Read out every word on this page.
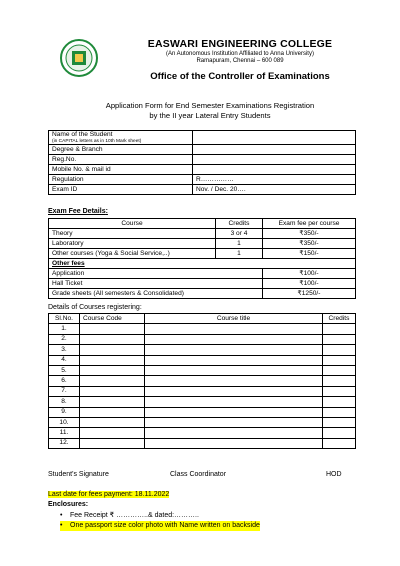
EASWARI ENGINEERING COLLEGE
(An Autonomous Institution Affiliated to Anna University)
Ramapuram, Chennai – 600 089
Office of the Controller of Examinations
Application Form for End Semester Examinations Registration
by the II year Lateral Entry Students
Name of the Student
(in CAPITAL letters as in 10th Mark sheet)	

Degree & Branch	
Reg.No.	
Mobile No. & mail id	
Regulation	R……………
Exam ID	Nov. / Dec. 20….
Exam Fee Details:
Course	Credits	Exam fee per course
Theory	3 or 4	₹350/-
Laboratory	1	₹350/-
Other courses (Yoga & Social Service,..)	1	₹150/-
Other fees		
Application		₹100/-
Hall Ticket		₹100/-
Grade sheets (All semesters & Consolidated)		₹1250/-
Details of Courses registering:
Sl.No.	Course Code	Course title	Credits
1.			
2.			
3.			
4.			
5.			
6.			
7.			
8.			
9.			
10.			
11.			
12.			
Student's Signature	Class Coordinator	HOD
Last date for fees payment: 18.11.2022
Enclosures:
• Fee Receipt ₹ …………..& dated:………..
• One passport size color photo with Name written on backside
